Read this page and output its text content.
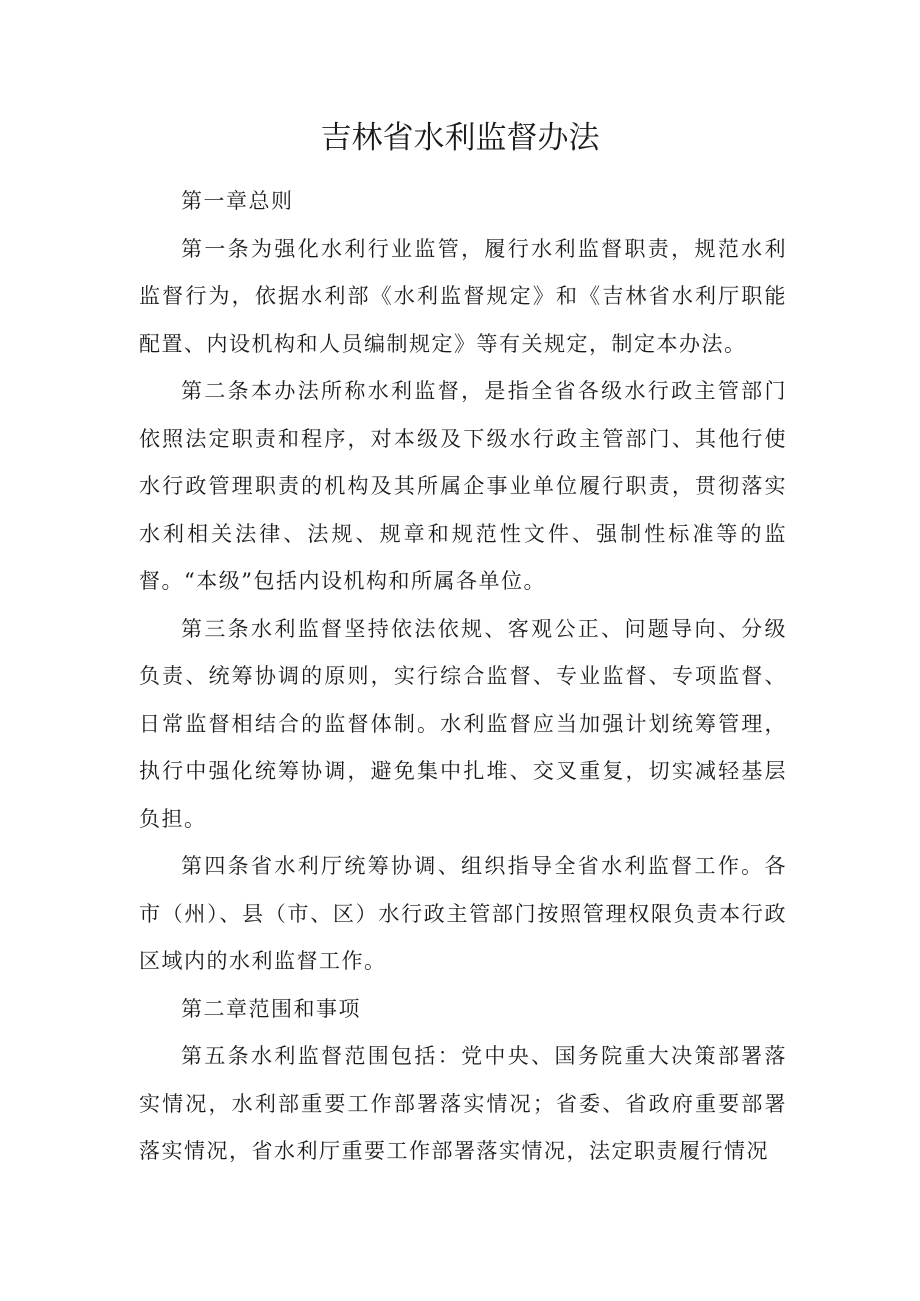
吉林省水利监督办法

第一章总则

第一条为强化水利行业监管，履行水利监督职责，规范水利监督行为，依据水利部《水利监督规定》和《吉林省水利厅职能配置、内设机构和人员编制规定》等有关规定，制定本办法。

第二条本办法所称水利监督，是指全省各级水行政主管部门依照法定职责和程序，对本级及下级水行政主管部门、其他行使水行政管理职责的机构及其所属企事业单位履行职责，贯彻落实水利相关法律、法规、规章和规范性文件、强制性标准等的监督。“本级”包括内设机构和所属各单位。

第三条水利监督坚持依法依规、客观公正、问题导向、分级负责、统筹协调的原则，实行综合监督、专业监督、专项监督、日常监督相结合的监督体制。水利监督应当加强计划统筹管理，执行中强化统筹协调，避免集中扎堆、交叉重复，切实减轻基层负担。

第四条省水利厅统筹协调、组织指导全省水利监督工作。各市（州）、县（市、区）水行政主管部门按照管理权限负责本行政区域内的水利监督工作。

第二章范围和事项

第五条水利监督范围包括：党中央、国务院重大决策部署落实情况，水利部重要工作部署落实情况；省委、省政府重要部署落实情况，省水利厅重要工作部署落实情况，法定职责履行情况
